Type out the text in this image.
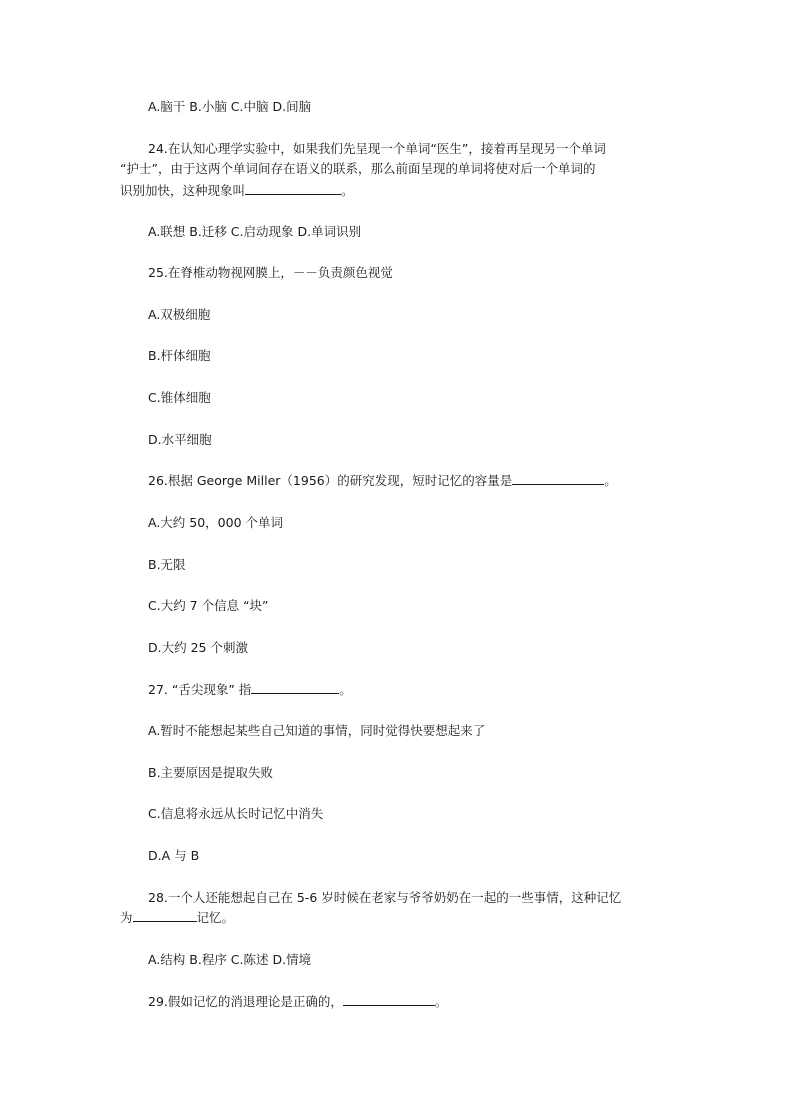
A.脑干 B.小脑 C.中脑 D.间脑
24.在认知心理学实验中，如果我们先呈现一个单词“医生”，接着再呈现另一个单词
“护士”，由于这两个单词间存在语义的联系，那么前面呈现的单词将使对后一个单词的
识别加快，这种现象叫	。
A.联想 B.迁移 C.启动现象 D.单词识别
25.在脊椎动物视网膜上，－－负责颜色视觉
A.双极细胞
B.杆体细胞
C.锥体细胞
D.水平细胞
26.根据 George Miller（1956）的研究发现，短时记忆的容量是	。
A.大约 50，000 个单词
B.无限
C.大约 7 个信息 “块”
D.大约 25 个刺激
27. “舌尖现象” 指	。
A.暂时不能想起某些自己知道的事情，同时觉得快要想起来了
B.主要原因是提取失败
C.信息将永远从长时记忆中消失
D.A 与 B
28.一个人还能想起自己在 5-6 岁时候在老家与爷爷奶奶在一起的一些事情，这种记忆
为	记忆。
A.结构 B.程序 C.陈述 D.情境
29.假如记忆的消退理论是正确的，	。
